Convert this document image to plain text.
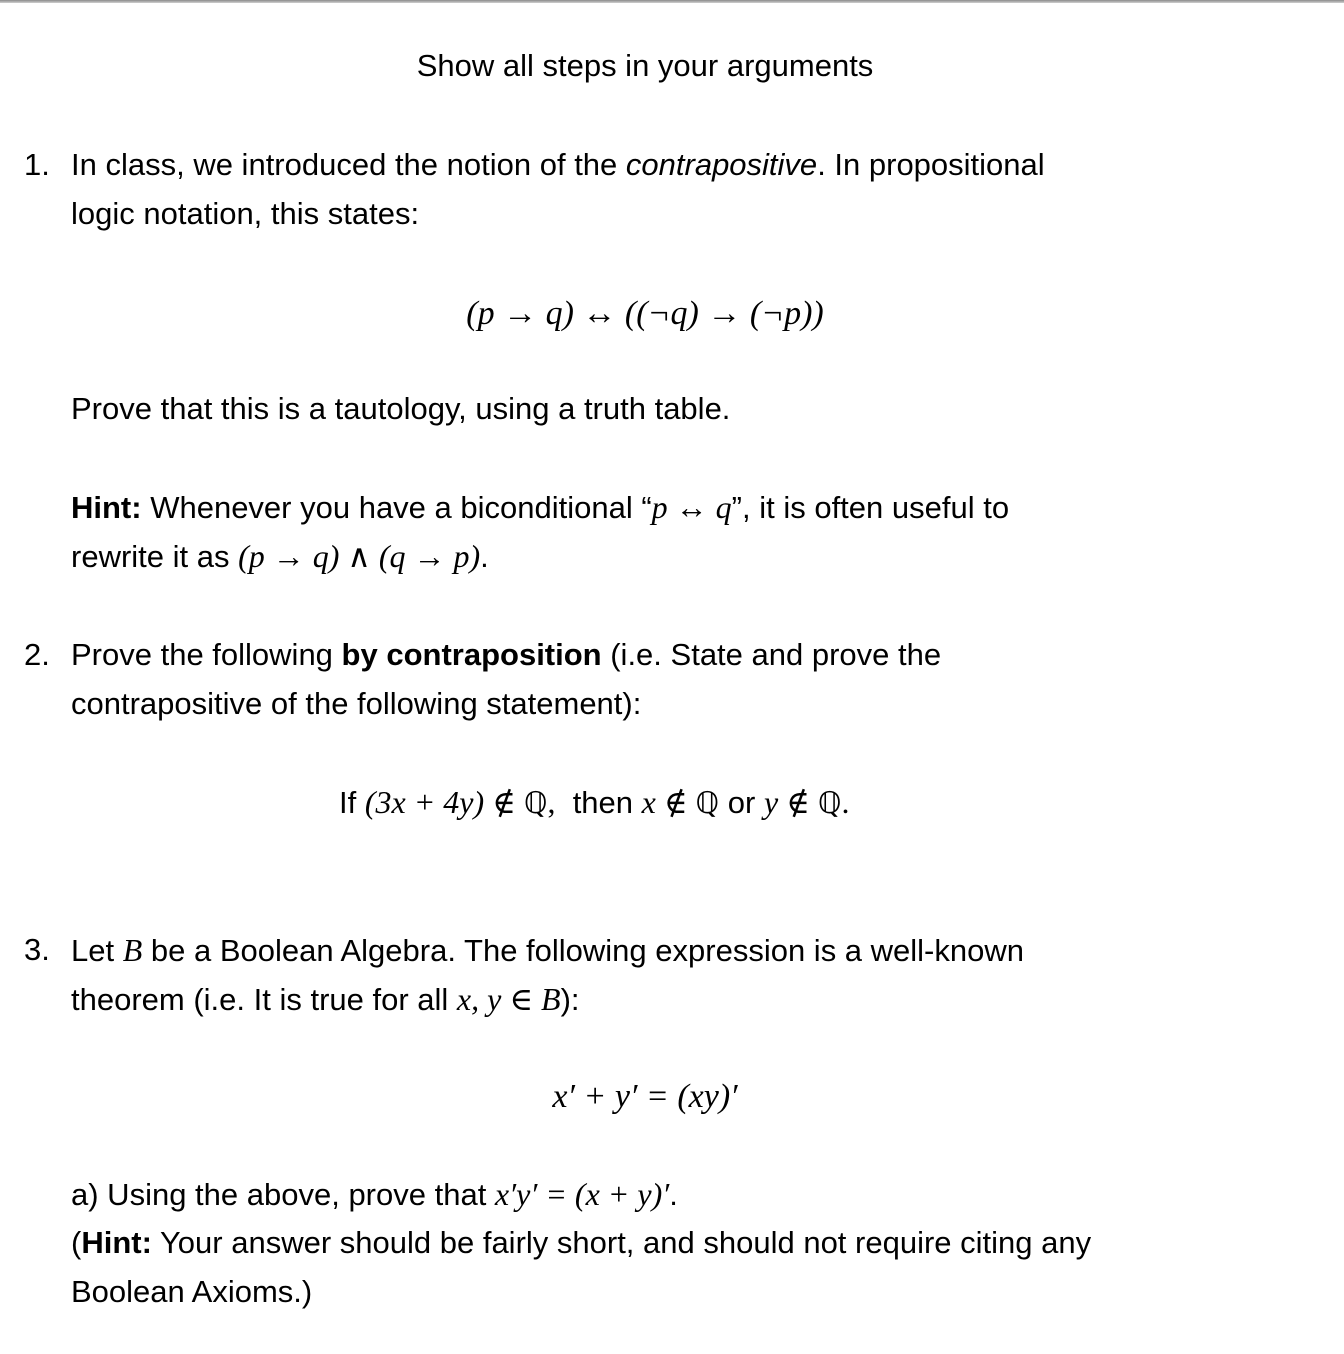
Show all steps in your arguments
1. In class, we introduced the notion of the contrapositive. In propositional
logic notation, this states:
(p → q) ↔ ((¬q) → (¬p))
Prove that this is a tautology, using a truth table.
Hint: Whenever you have a biconditional “p ↔ q”, it is often useful to
rewrite it as (p → q) ∧ (q → p).
2. Prove the following by contraposition (i.e. State and prove the
contrapositive of the following statement):
If (3x + 4y) ∉ ℚ,  then x ∉ ℚ or y ∉ ℚ.
3. Let B be a Boolean Algebra. The following expression is a well-known
theorem (i.e. It is true for all x, y ∈ B):
x′ + y′ = (xy)′
a) Using the above, prove that x′y′ = (x + y)′.
(Hint: Your answer should be fairly short, and should not require citing any
Boolean Axioms.)
